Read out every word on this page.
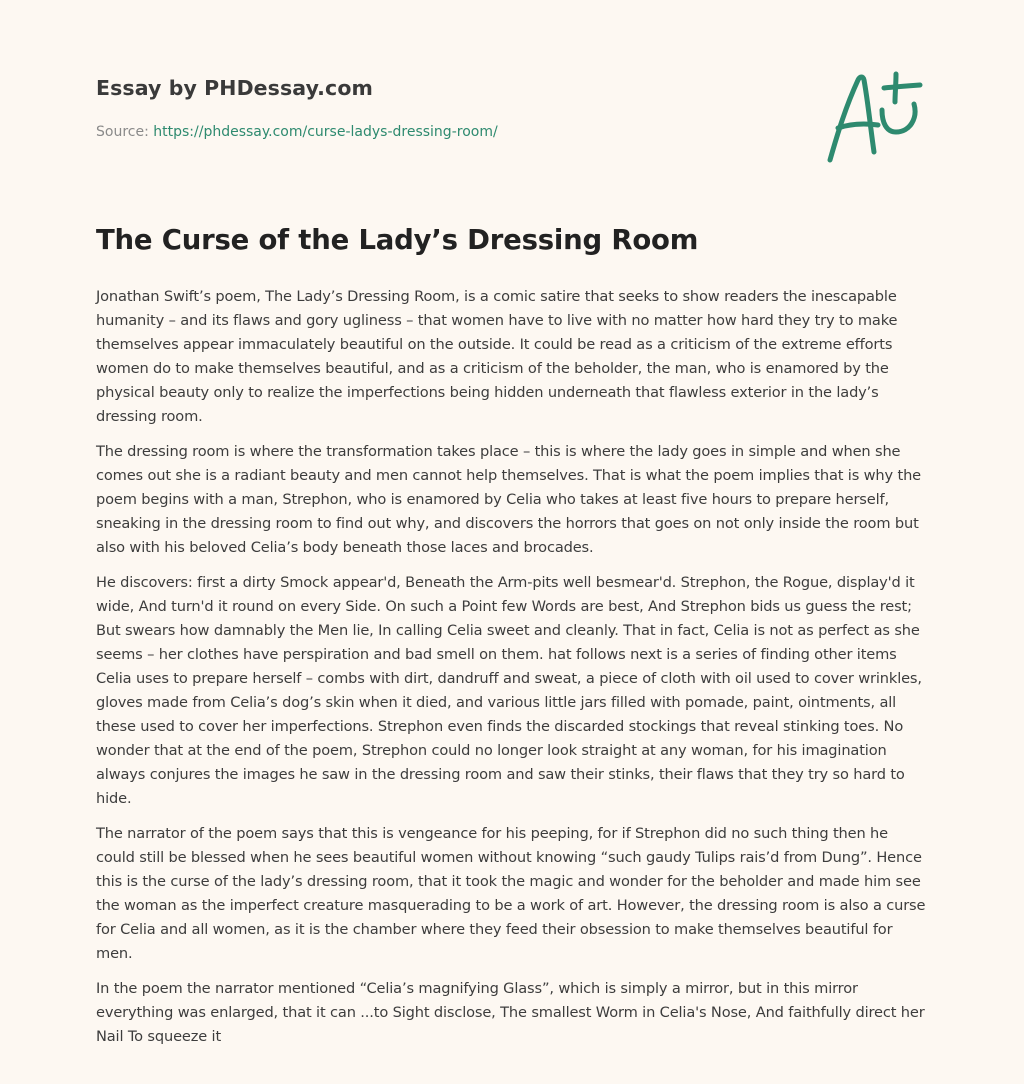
Essay by PHDessay.com

Source: https://phdessay.com/curse-ladys-dressing-room/

The Curse of the Lady’s Dressing Room

Jonathan Swift’s poem, The Lady’s Dressing Room, is a comic satire that seeks to show readers the inescapable humanity – and its flaws and gory ugliness – that women have to live with no matter how hard they try to make themselves appear immaculately beautiful on the outside. It could be read as a criticism of the extreme efforts women do to make themselves beautiful, and as a criticism of the beholder, the man, who is enamored by the physical beauty only to realize the imperfections being hidden underneath that flawless exterior in the lady’s dressing room.

The dressing room is where the transformation takes place – this is where the lady goes in simple and when she comes out she is a radiant beauty and men cannot help themselves. That is what the poem implies that is why the poem begins with a man, Strephon, who is enamored by Celia who takes at least five hours to prepare herself, sneaking in the dressing room to find out why, and discovers the horrors that goes on not only inside the room but also with his beloved Celia’s body beneath those laces and brocades.

He discovers: first a dirty Smock appear'd, Beneath the Arm-pits well besmear'd. Strephon, the Rogue, display'd it wide, And turn'd it round on every Side. On such a Point few Words are best, And Strephon bids us guess the rest; But swears how damnably the Men lie, In calling Celia sweet and cleanly. That in fact, Celia is not as perfect as she seems – her clothes have perspiration and bad smell on them. hat follows next is a series of finding other items Celia uses to prepare herself – combs with dirt, dandruff and sweat, a piece of cloth with oil used to cover wrinkles, gloves made from Celia’s dog’s skin when it died, and various little jars filled with pomade, paint, ointments, all these used to cover her imperfections. Strephon even finds the discarded stockings that reveal stinking toes. No wonder that at the end of the poem, Strephon could no longer look straight at any woman, for his imagination always conjures the images he saw in the dressing room and saw their stinks, their flaws that they try so hard to hide.

The narrator of the poem says that this is vengeance for his peeping, for if Strephon did no such thing then he could still be blessed when he sees beautiful women without knowing “such gaudy Tulips rais’d from Dung”. Hence this is the curse of the lady’s dressing room, that it took the magic and wonder for the beholder and made him see the woman as the imperfect creature masquerading to be a work of art. However, the dressing room is also a curse for Celia and all women, as it is the chamber where they feed their obsession to make themselves beautiful for men.

In the poem the narrator mentioned “Celia’s magnifying Glass”, which is simply a mirror, but in this mirror everything was enlarged, that it can ...to Sight disclose, The smallest Worm in Celia's Nose, And faithfully direct her Nail To squeeze it
